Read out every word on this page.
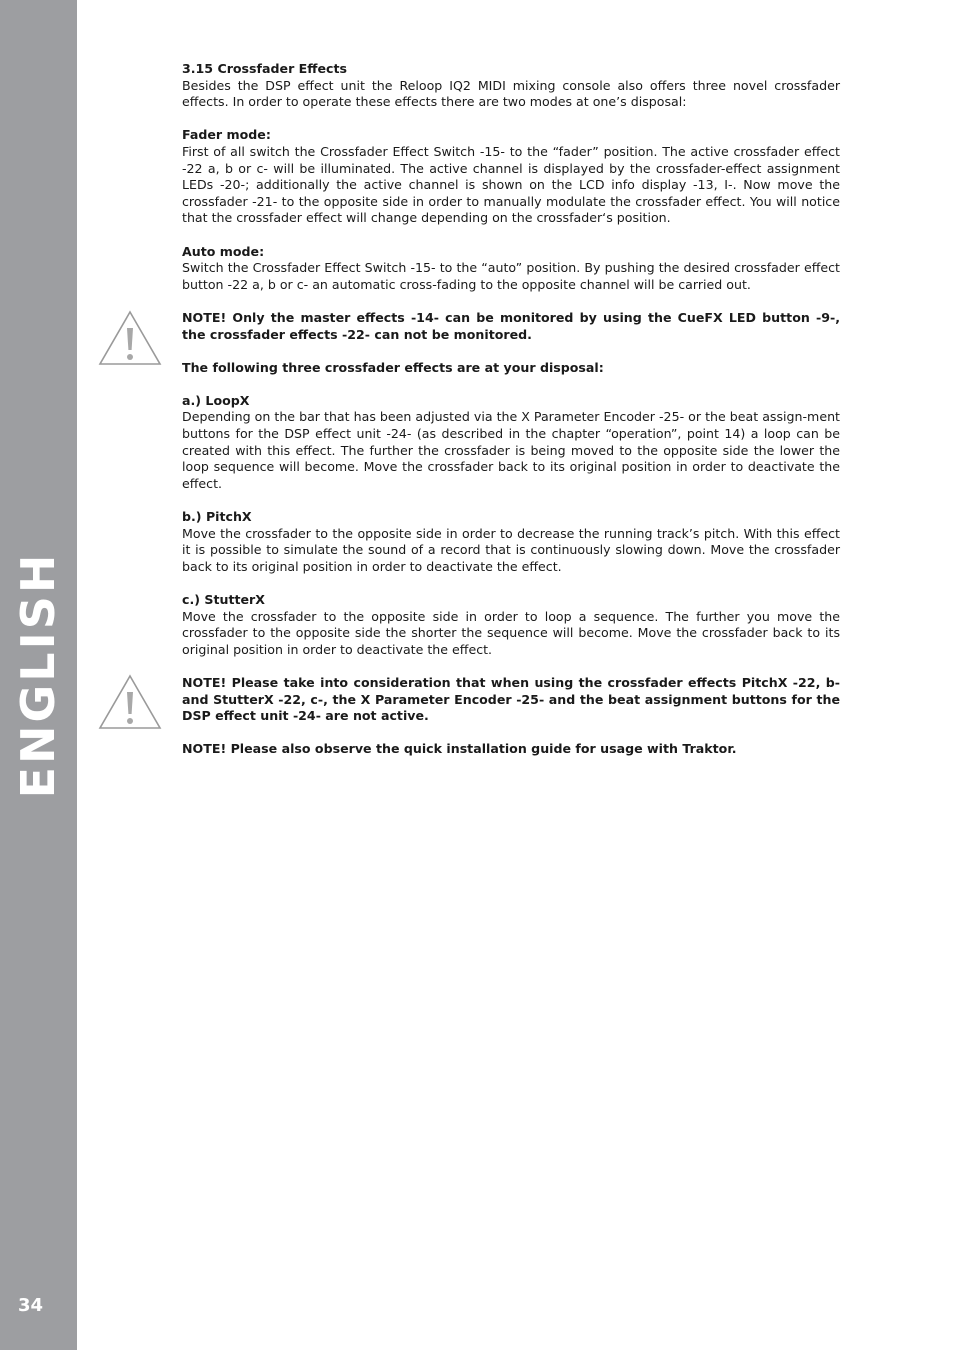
ENGLISH
34

3.15 Crossfader Effects

Besides the DSP effect unit the Reloop IQ2 MIDI mixing console also offers three novel crossfader effects. In order to operate these effects there are two modes at one’s disposal:

Fader mode:

First of all switch the Crossfader Effect Switch -15- to the “fader” position. The active crossfader effect -22 a, b or c- will be illuminated. The active channel is displayed by the crossfader-effect assignment LEDs -20-; additionally the active channel is shown on the LCD info display -13, I-. Now move the crossfader -21- to the opposite side in order to manually modulate the crossfader effect. You will notice that the crossfader effect will change depending on the crossfader‘s position.

Auto mode:

Switch the Crossfader Effect Switch -15- to the “auto” position. By pushing the desired crossfader effect button -22 a, b or c- an automatic cross-fading to the opposite channel will be carried out.

NOTE! Only the master effects -14- can be monitored by using the CueFX LED button -9-, the crossfader effects -22- can not be monitored.

The following three crossfader effects are at your disposal:

a.) LoopX

Depending on the bar that has been adjusted via the X Parameter Encoder -25- or the beat assign-ment buttons for the DSP effect unit -24- (as described in the chapter “operation”, point 14) a loop can be created with this effect. The further the crossfader is being moved to the opposite side the lower the loop sequence will become. Move the crossfader back to its original position in order to deactivate the effect.

b.) PitchX

Move the crossfader to the opposite side in order to decrease the running track’s pitch. With this effect it is possible to simulate the sound of a record that is continuously slowing down. Move the crossfader back to its original position in order to deactivate the effect.

c.) StutterX

Move the crossfader to the opposite side in order to loop a sequence. The further you move the crossfader to the opposite side the shorter the sequence will become. Move the crossfader back to its original position in order to deactivate the effect.

NOTE! Please take into consideration that when using the crossfader effects PitchX -22, b- and StutterX -22, c-, the X Parameter Encoder -25- and the beat assignment buttons for the DSP effect unit -24- are not active.

NOTE! Please also observe the quick installation guide for usage with Traktor.
